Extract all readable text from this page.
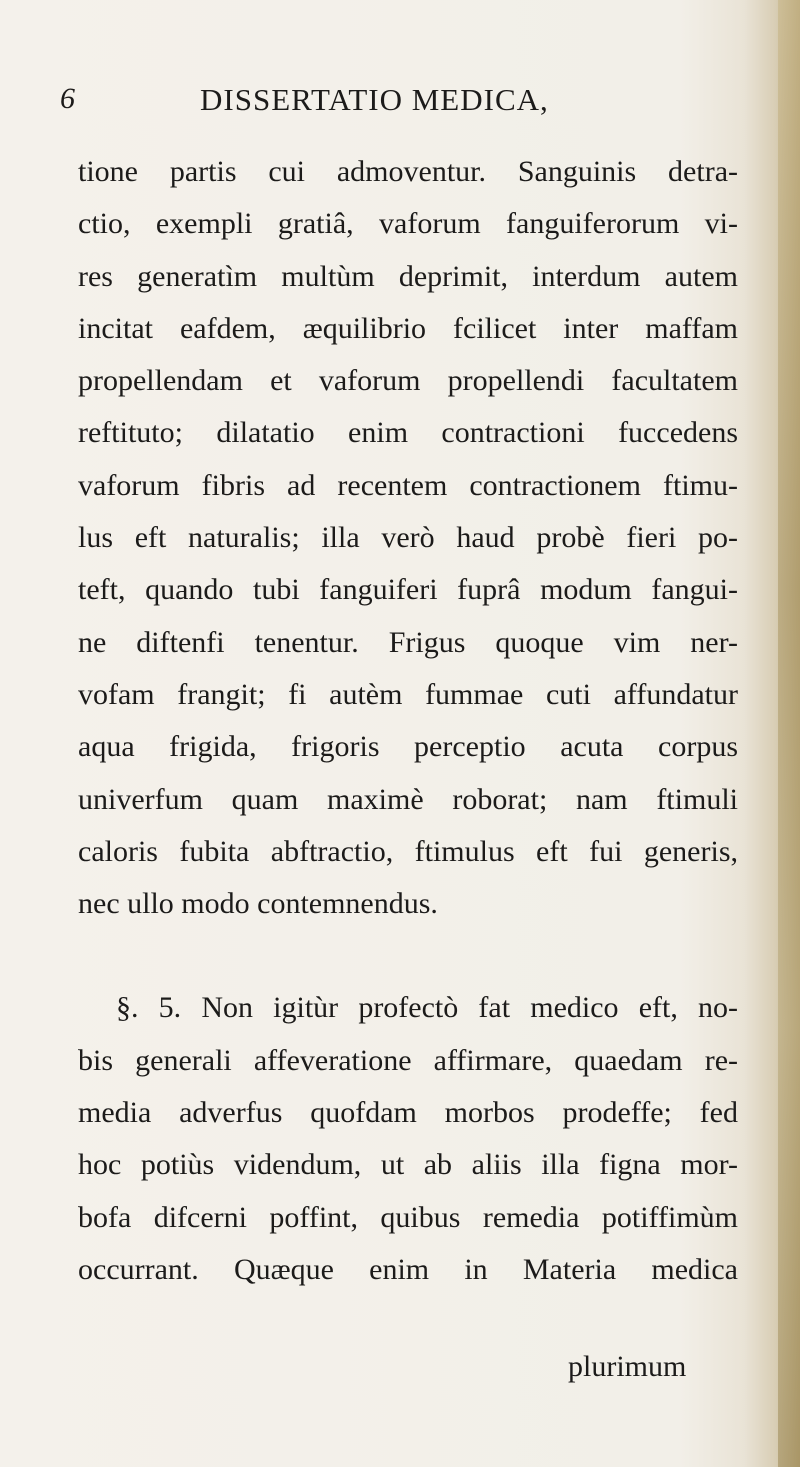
6	DISSERTATIO MEDICA,
tione partis cui admoventur. Sanguinis detra-
ctio, exempli gratiâ, vaforum fanguiferorum vi-
res generatìm multùm deprimit, interdum autem
incitat eafdem, æquilibrio fcilicet inter maffam
propellendam et vaforum propellendi facultatem
reftituto; dilatatio enim contractioni fuccedens
vaforum fibris ad recentem contractionem ftimu-
lus eft naturalis; illa verò haud probè fieri po-
teft, quando tubi fanguiferi fuprâ modum fangui-
ne diftenfi tenentur. Frigus quoque vim ner-
vofam frangit; fi autèm fummae cuti affundatur
aqua frigida, frigoris perceptio acuta corpus
univerfum quam maximè roborat; nam ftimuli
caloris fubita abftractio, ftimulus eft fui generis,
nec ullo modo contemnendus.
§. 5. Non igitùr profectò fat medico eft, no-
bis generali affeveratione affirmare, quaedam re-
media adverfus quofdam morbos prodeffe; fed
hoc potiùs videndum, ut ab aliis illa figna mor-
bofa difcerni poffint, quibus remedia potiffimùm
occurrant. Quæque enim in Materia medica
plurimum
